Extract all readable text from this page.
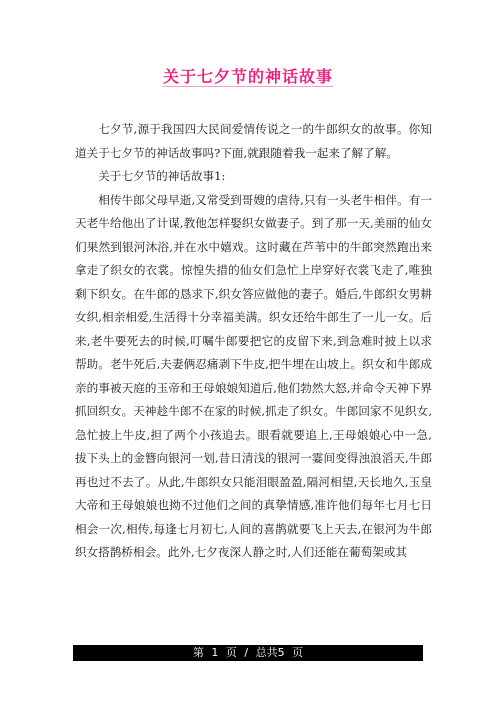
关于七夕节的神话故事

七夕节,源于我国四大民间爱情传说之一的牛郎织女的故事。你知道关于七夕节的神话故事吗?下面,就跟随着我一起来了解了解。

关于七夕节的神话故事1:

相传牛郎父母早逝,又常受到哥嫂的虐待,只有一头老牛相伴。有一天老牛给他出了计谋,教他怎样娶织女做妻子。到了那一天,美丽的仙女们果然到银河沐浴,并在水中嬉戏。这时藏在芦苇中的牛郎突然跑出来拿走了织女的衣裳。惊惶失措的仙女们急忙上岸穿好衣裳飞走了,唯独剩下织女。在牛郎的恳求下,织女答应做他的妻子。婚后,牛郎织女男耕女织,相亲相爱,生活得十分幸福美满。织女还给牛郎生了一儿一女。后来,老牛要死去的时候,叮嘱牛郎要把它的皮留下来,到急难时披上以求帮助。老牛死后,夫妻俩忍痛剥下牛皮,把牛埋在山坡上。织女和牛郎成亲的事被天庭的玉帝和王母娘娘知道后,他们勃然大怒,并命令天神下界抓回织女。天神趁牛郎不在家的时候,抓走了织女。牛郎回家不见织女,急忙披上牛皮,担了两个小孩追去。眼看就要追上,王母娘娘心中一急,拔下头上的金簪向银河一划,昔日清浅的银河一霎间变得浊浪滔天,牛郎再也过不去了。从此,牛郎织女只能泪眼盈盈,隔河相望,天长地久,玉皇大帝和王母娘娘也拗不过他们之间的真挚情感,准许他们每年七月七日相会一次,相传,每逢七月初七,人间的喜鹊就要飞上天去,在银河为牛郎织女搭鹊桥相会。此外,七夕夜深人静之时,人们还能在葡萄架或其

第 1 页 / 总共5 页
